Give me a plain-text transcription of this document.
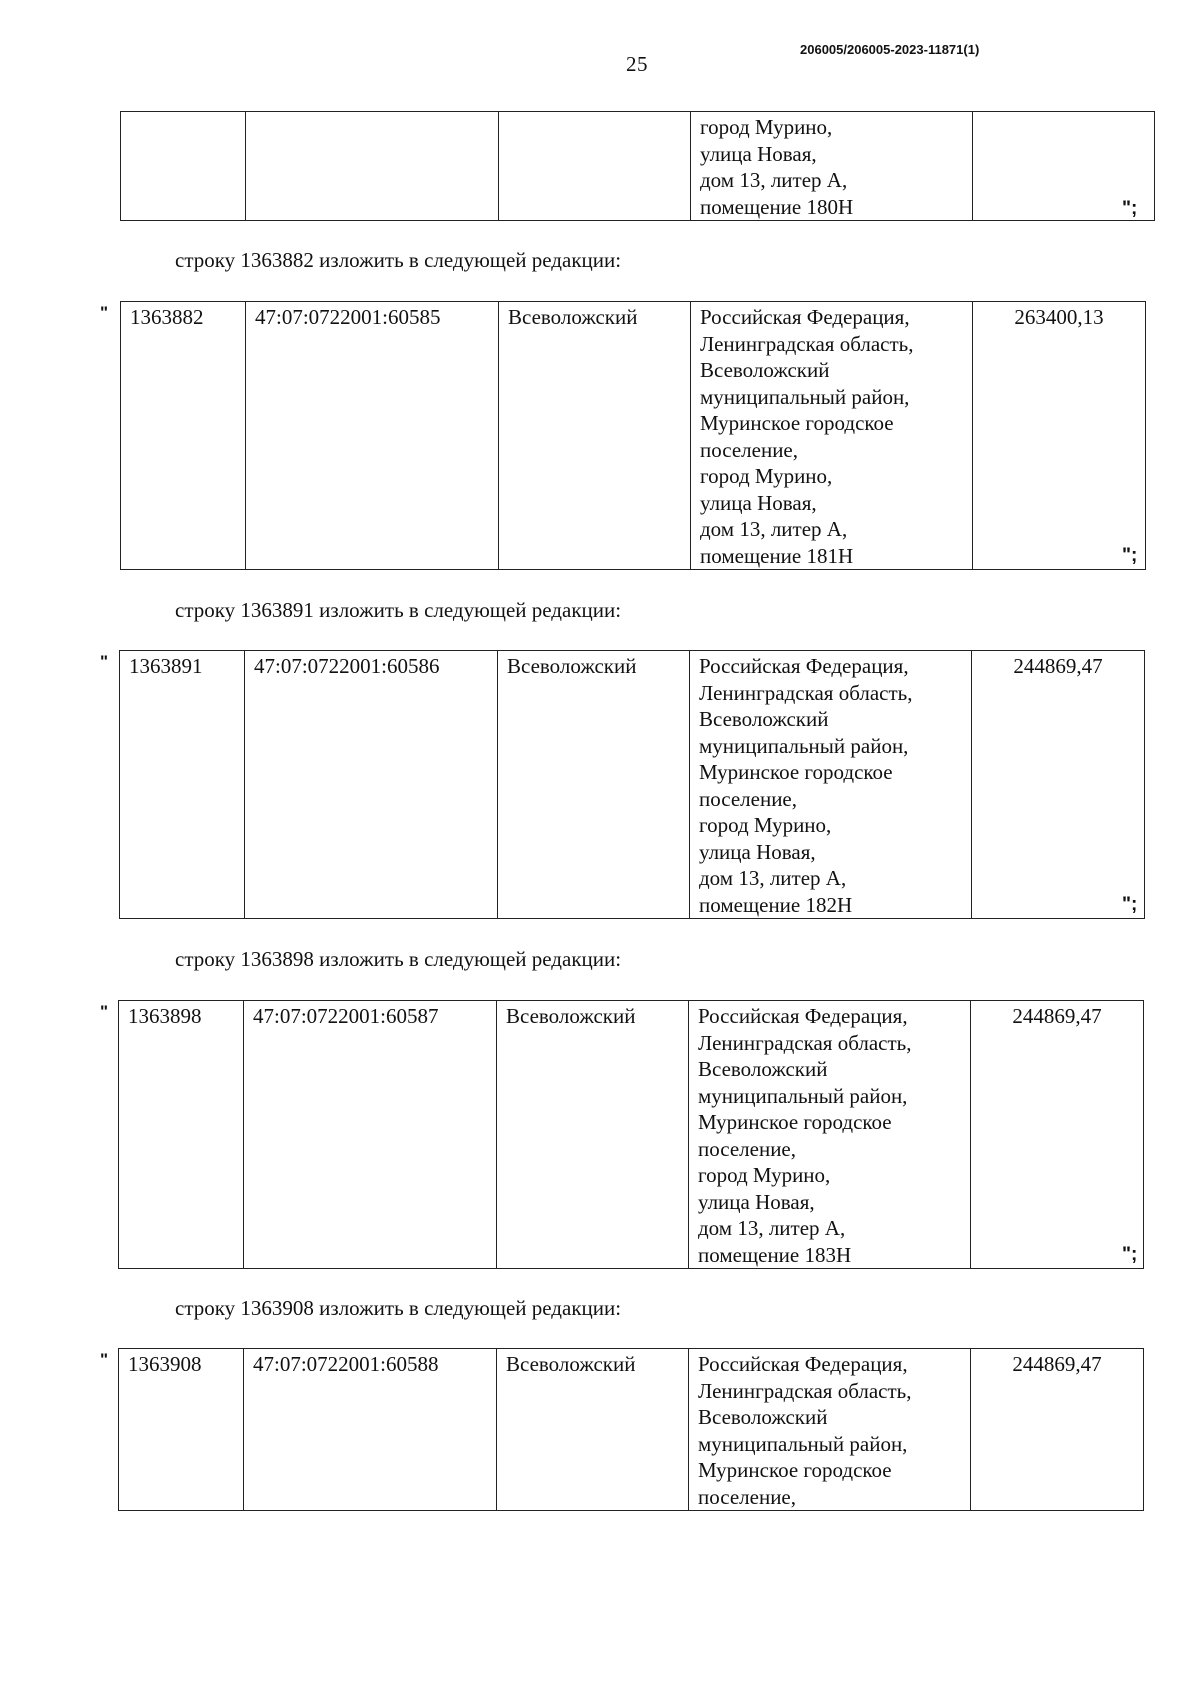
25
206005/206005-2023-11871(1)

город Мурино,
улица Новая,
дом 13, литер А,
помещение 180Н
		";
строку 1363882 изложить в следующей редакции:
" 1363882	47:07:0722001:60585	Всеволожский	Российская Федерация,
Ленинградская область,
Всеволожский
муниципальный район,
Муринское городское
поселение,
город Мурино,
улица Новая,
дом 13, литер А,
помещение 181Н
	263400,13
";
строку 1363891 изложить в следующей редакции:
" 1363891	47:07:0722001:60586	Всеволожский	Российская Федерация,
Ленинградская область,
Всеволожский
муниципальный район,
Муринское городское
поселение,
город Мурино,
улица Новая,
дом 13, литер А,
помещение 182Н
	244869,47
";
строку 1363898 изложить в следующей редакции:
" 1363898	47:07:0722001:60587	Всеволожский	Российская Федерация,
Ленинградская область,
Всеволожский
муниципальный район,
Муринское городское
поселение,
город Мурино,
улица Новая,
дом 13, литер А,
помещение 183Н
	244869,47
";
строку 1363908 изложить в следующей редакции:
" 1363908	47:07:0722001:60588	Всеволожский	Российская Федерация,
Ленинградская область,
Всеволожский
муниципальный район,
Муринское городское
поселение,
	244869,47
